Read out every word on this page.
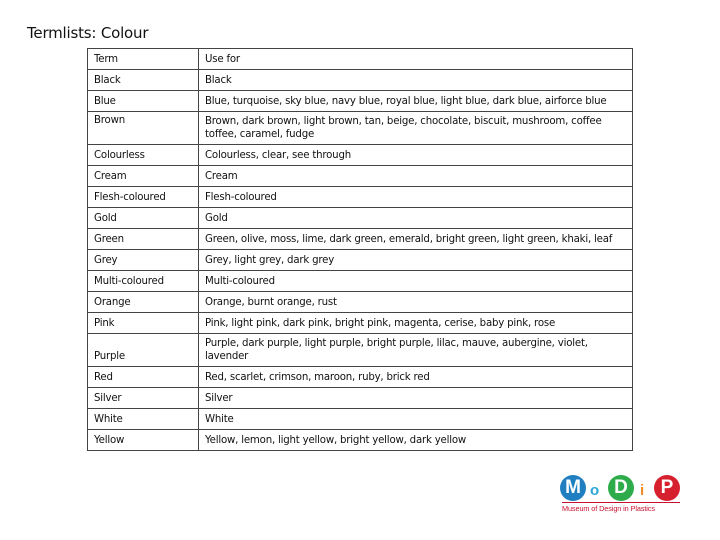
Termlists: Colour
Term	Use for
Black	Black
Blue	Blue, turquoise, sky blue, navy blue, royal blue, light blue, dark blue, airforce blue
Brown	Brown, dark brown, light brown, tan, beige, chocolate, biscuit, mushroom, coffee toffee, caramel, fudge
Colourless	Colourless, clear, see through
Cream	Cream
Flesh-coloured	Flesh-coloured
Gold	Gold
Green	Green, olive, moss, lime, dark green, emerald, bright green, light green, khaki, leaf
Grey	Grey, light grey, dark grey
Multi-coloured	Multi-coloured
Orange	Orange, burnt orange, rust
Pink	Pink, light pink, dark pink, bright pink, magenta, cerise, baby pink, rose
Purple	Purple, dark purple, light purple, bright purple, lilac, mauve, aubergine, violet, lavender
Red	Red, scarlet, crimson, maroon, ruby, brick red
Silver	Silver
White	White
Yellow	Yellow, lemon, light yellow, bright yellow, dark yellow
M o D i P
Museum of Design in Plastics
